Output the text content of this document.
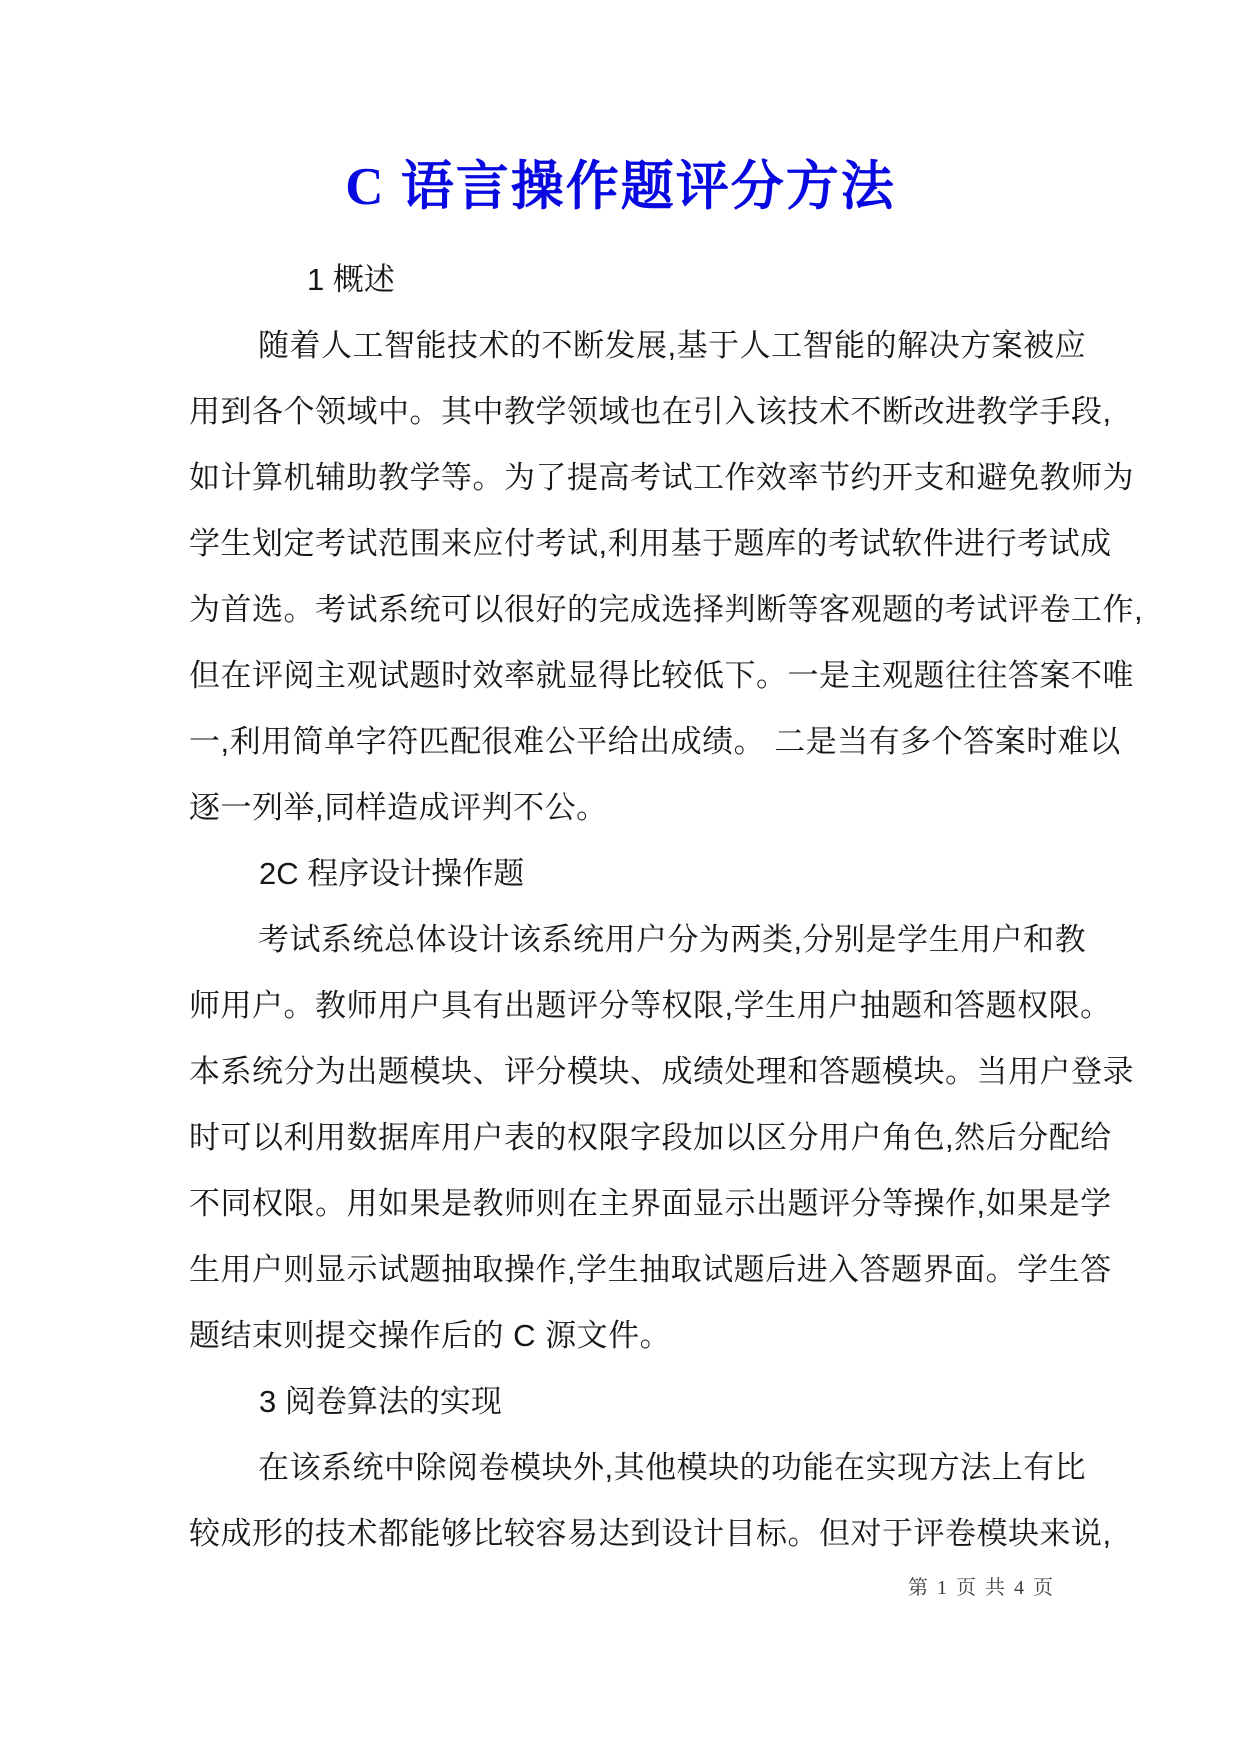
C 语言操作题评分方法
1 概述
随着人工智能技术的不断发展,基于人工智能的解决方案被应
用到各个领域中。其中教学领域也在引入该技术不断改进教学手段,
如计算机辅助教学等。为了提高考试工作效率节约开支和避免教师为
学生划定考试范围来应付考试,利用基于题库的考试软件进行考试成
为首选。考试系统可以很好的完成选择判断等客观题的考试评卷工作,
但在评阅主观试题时效率就显得比较低下。一是主观题往往答案不唯
一,利用简单字符匹配很难公平给出成绩。 二是当有多个答案时难以
逐一列举,同样造成评判不公。
2C 程序设计操作题
考试系统总体设计该系统用户分为两类,分别是学生用户和教
师用户。教师用户具有出题评分等权限,学生用户抽题和答题权限。
本系统分为出题模块、评分模块、成绩处理和答题模块。当用户登录
时可以利用数据库用户表的权限字段加以区分用户角色,然后分配给
不同权限。用如果是教师则在主界面显示出题评分等操作,如果是学
生用户则显示试题抽取操作,学生抽取试题后进入答题界面。学生答
题结束则提交操作后的 C 源文件。
3 阅卷算法的实现
在该系统中除阅卷模块外,其他模块的功能在实现方法上有比
较成形的技术都能够比较容易达到设计目标。但对于评卷模块来说,
第 1 页 共 4 页
